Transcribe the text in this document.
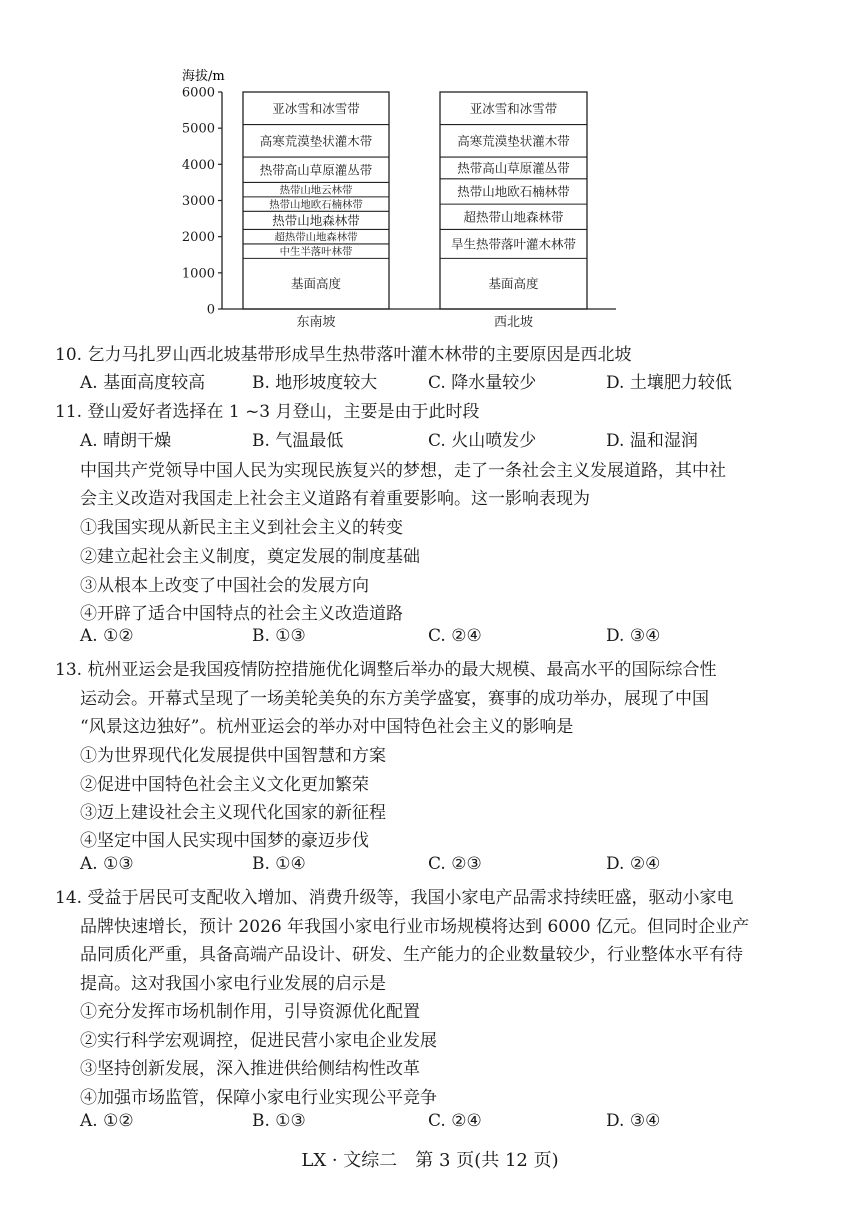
海拔/m
6000
5000
4000
3000
2000
1000
0
基面高度
中生半落叶林带
超热带山地森林带
热带山地森林带
热带山地欧石楠林带
热带山地云林带
热带高山草原灌丛带
高寒荒漠垫状灌木带
亚冰雪和冰雪带
东南坡
基面高度
旱生热带落叶灌木林带
超热带山地森林带
热带山地欧石楠林带
热带高山草原灌丛带
高寒荒漠垫状灌木带
亚冰雪和冰雪带
西北坡
10. 乞力马扎罗山西北坡基带形成旱生热带落叶灌木林带的主要原因是西北坡
A. 基面高度较高	B. 地形坡度较大	C. 降水量较少	D. 土壤肥力较低
11. 登山爱好者选择在 1 ~3 月登山，主要是由于此时段
A. 晴朗干燥	B. 气温最低	C. 火山喷发少	D. 温和湿润
中国共产党领导中国人民为实现民族复兴的梦想，走了一条社会主义发展道路，其中社
会主义改造对我国走上社会主义道路有着重要影响。这一影响表现为
①我国实现从新民主主义到社会主义的转变
②建立起社会主义制度，奠定发展的制度基础
③从根本上改变了中国社会的发展方向
④开辟了适合中国特点的社会主义改造道路
A. ①②	B. ①③	C. ②④	D. ③④
13. 杭州亚运会是我国疫情防控措施优化调整后举办的最大规模、最高水平的国际综合性
运动会。开幕式呈现了一场美轮美奂的东方美学盛宴，赛事的成功举办，展现了中国
“风景这边独好”。杭州亚运会的举办对中国特色社会主义的影响是
①为世界现代化发展提供中国智慧和方案
②促进中国特色社会主义文化更加繁荣
③迈上建设社会主义现代化国家的新征程
④坚定中国人民实现中国梦的豪迈步伐
A. ①③	B. ①④	C. ②③	D. ②④
14. 受益于居民可支配收入增加、消费升级等，我国小家电产品需求持续旺盛，驱动小家电
品牌快速增长，预计 2026 年我国小家电行业市场规模将达到 6000 亿元。但同时企业产
品同质化严重，具备高端产品设计、研发、生产能力的企业数量较少，行业整体水平有待
提高。这对我国小家电行业发展的启示是
①充分发挥市场机制作用，引导资源优化配置
②实行科学宏观调控，促进民营小家电企业发展
③坚持创新发展，深入推进供给侧结构性改革
④加强市场监管，保障小家电行业实现公平竞争
A. ①②	B. ①③	C. ②④	D. ③④
LX · 文综二　第 3 页(共 12 页)
